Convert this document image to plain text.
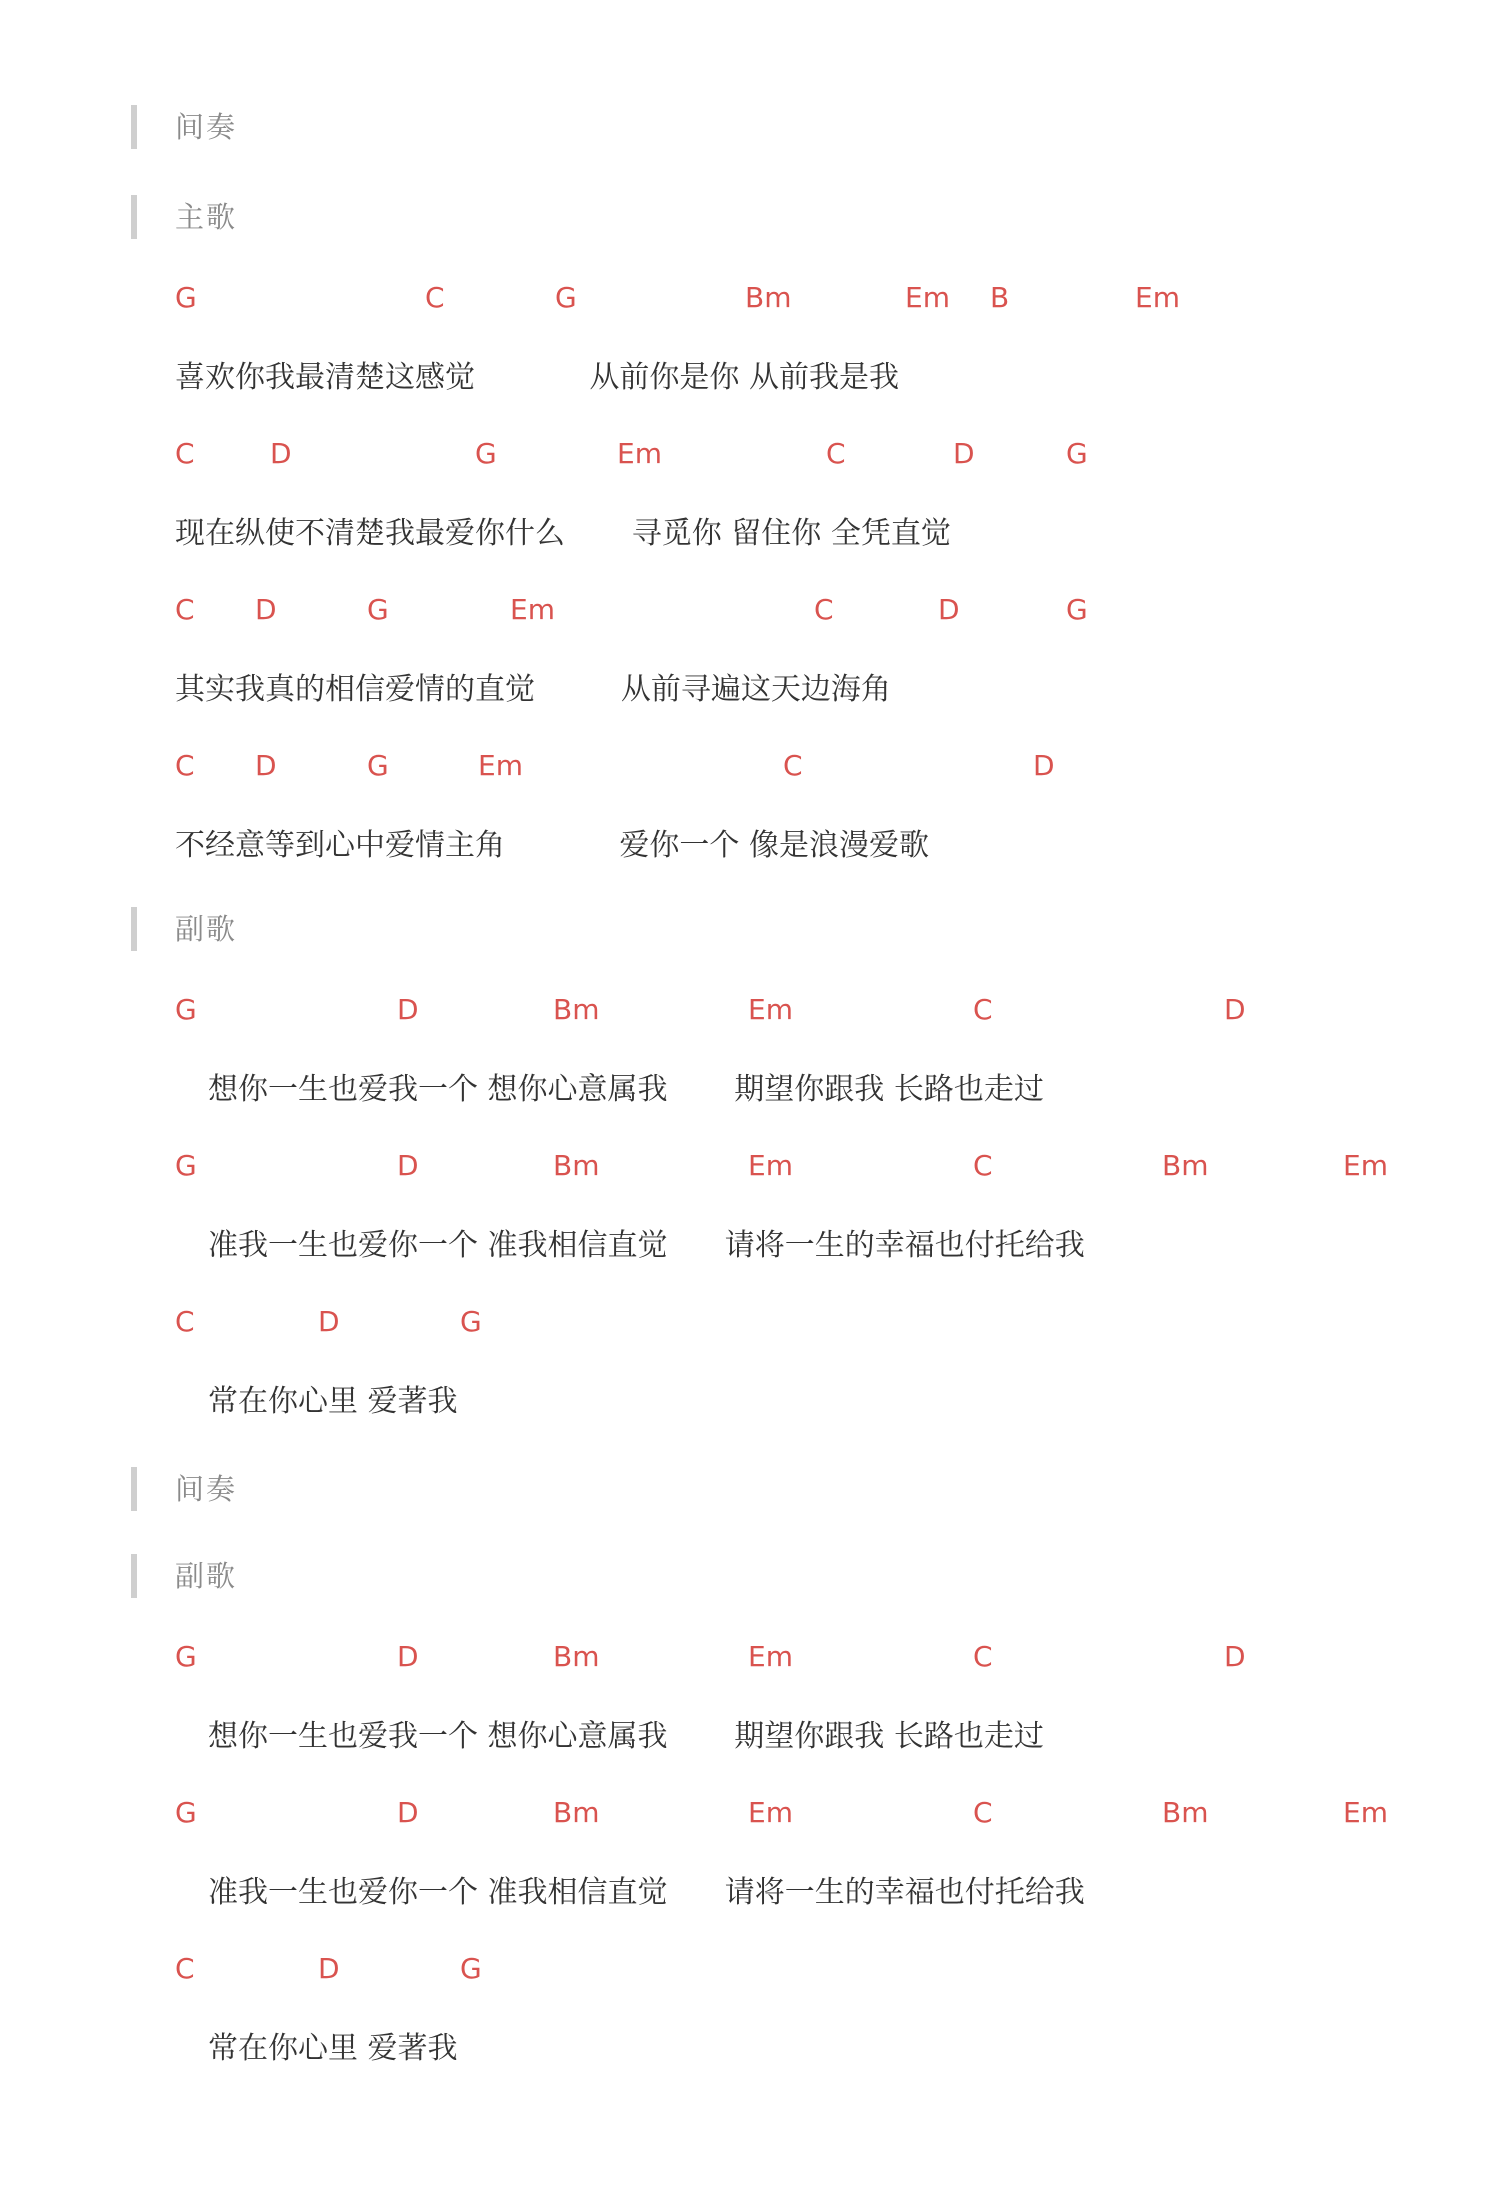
间奏
主歌
G	C	G	Bm	Em B	Em
喜欢你我最清楚这感觉            从前你是你 从前我是我
C	D	G	Em	C	D	G
现在纵使不清楚我最爱你什么       寻觅你 留住你 全凭直觉
C D	G	Em	C	D	G
其实我真的相信爱情的直觉         从前寻遍这天边海角
C D	G	Em	C	D
不经意等到心中爱情主角            爱你一个 像是浪漫爱歌
副歌
G	D	Bm	Em	C	D
想你一生也爱我一个 想你心意属我       期望你跟我 长路也走过
G	D	Bm	Em	C	Bm	Em
准我一生也爱你一个 准我相信直觉      请将一生的幸福也付托给我
C	D	G
常在你心里 爱著我
间奏
副歌
G	D	Bm	Em	C	D
想你一生也爱我一个 想你心意属我       期望你跟我 长路也走过
G	D	Bm	Em	C	Bm	Em
准我一生也爱你一个 准我相信直觉      请将一生的幸福也付托给我
C	D	G
常在你心里 爱著我
